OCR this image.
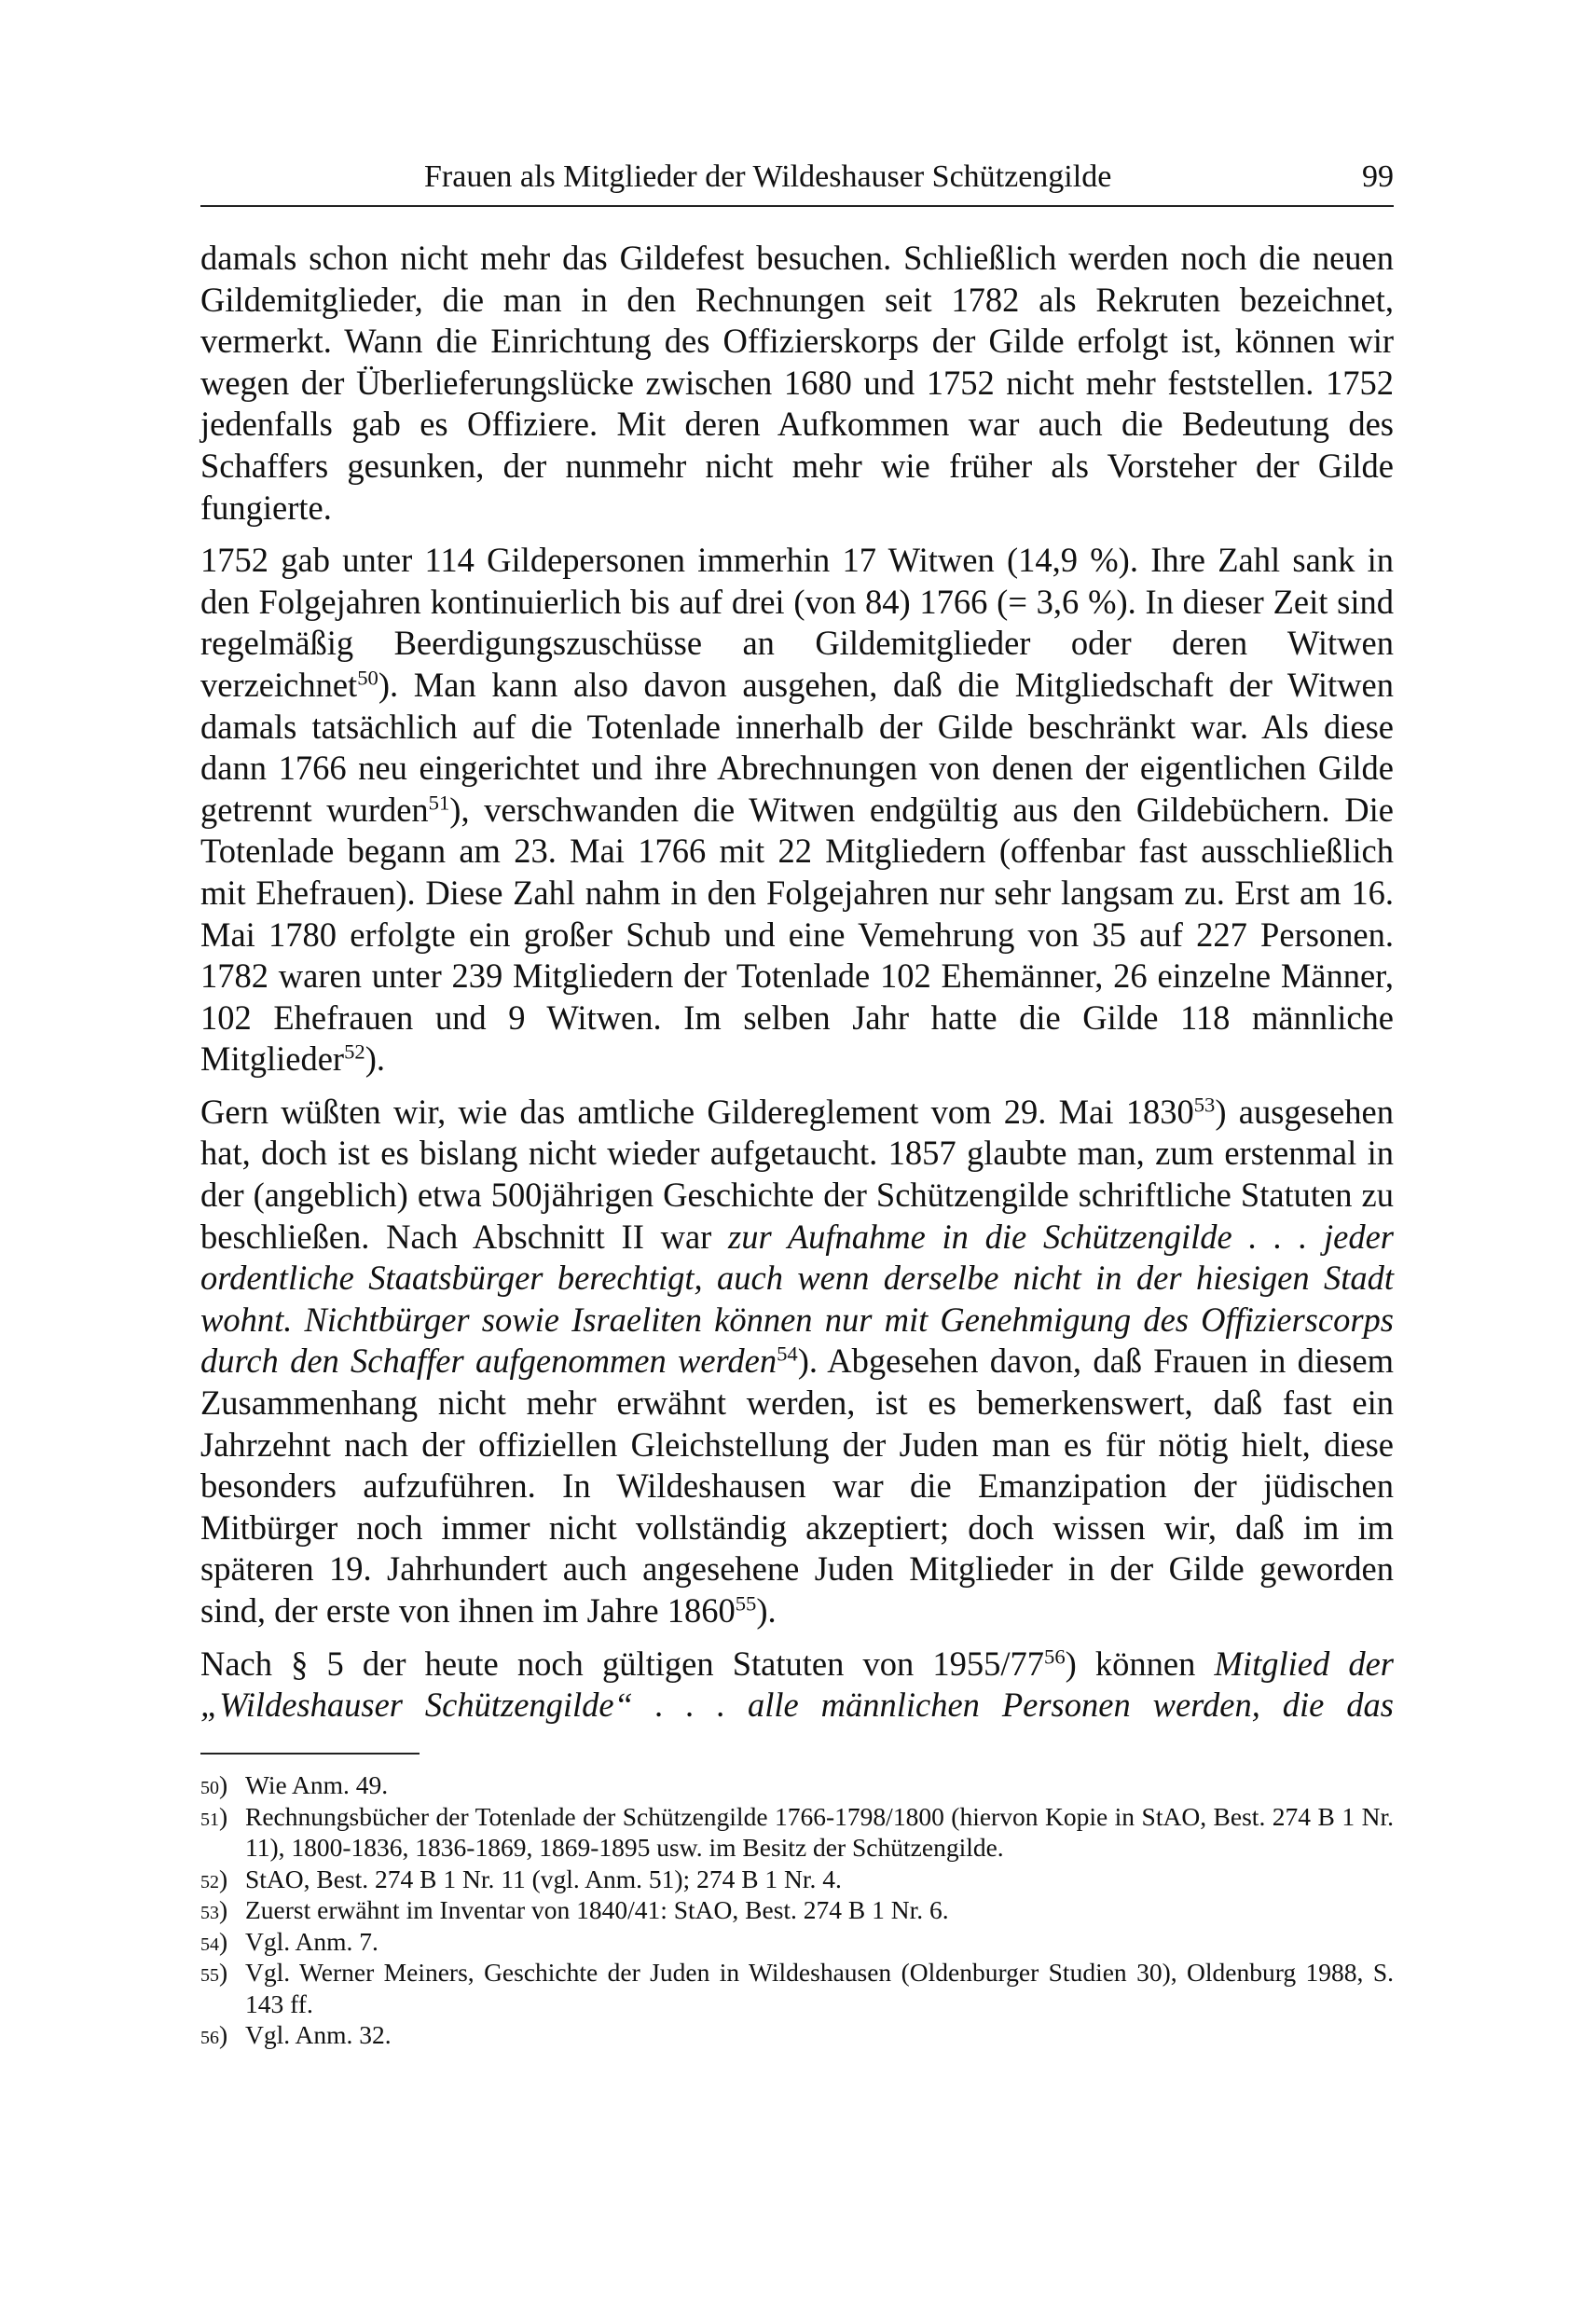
Frauen als Mitglieder der Wildeshauser Schützengilde	99

damals schon nicht mehr das Gildefest besuchen. Schließlich werden noch die neuen Gildemitglieder, die man in den Rechnungen seit 1782 als Rekruten bezeichnet, vermerkt. Wann die Einrichtung des Offizierskorps der Gilde erfolgt ist, können wir wegen der Überlieferungslücke zwischen 1680 und 1752 nicht mehr feststellen. 1752 jedenfalls gab es Offiziere. Mit deren Aufkommen war auch die Bedeutung des Schaffers gesunken, der nunmehr nicht mehr wie früher als Vorsteher der Gilde fungierte.

1752 gab unter 114 Gildepersonen immerhin 17 Witwen (14,9 %). Ihre Zahl sank in den Folgejahren kontinuierlich bis auf drei (von 84) 1766 (= 3,6 %). In dieser Zeit sind regelmäßig Beerdigungszuschüsse an Gildemitglieder oder deren Witwen verzeichnet$^{50}$). Man kann also davon ausgehen, daß die Mitgliedschaft der Witwen damals tatsächlich auf die Totenlade innerhalb der Gilde beschränkt war. Als diese dann 1766 neu eingerichtet und ihre Abrechnungen von denen der eigentlichen Gilde getrennt wurden$^{51}$), verschwanden die Witwen endgültig aus den Gildebüchern. Die Totenlade begann am 23. Mai 1766 mit 22 Mitgliedern (offenbar fast ausschließlich mit Ehefrauen). Diese Zahl nahm in den Folgejahren nur sehr langsam zu. Erst am 16. Mai 1780 erfolgte ein großer Schub und eine Vemehrung von 35 auf 227 Personen. 1782 waren unter 239 Mitgliedern der Totenlade 102 Ehemänner, 26 einzelne Männer, 102 Ehefrauen und 9 Witwen. Im selben Jahr hatte die Gilde 118 männliche Mitglieder$^{52}$).

Gern wüßten wir, wie das amtliche Gildereglement vom 29. Mai 1830$^{53}$) ausgesehen hat, doch ist es bislang nicht wieder aufgetaucht. 1857 glaubte man, zum erstenmal in der (angeblich) etwa 500jährigen Geschichte der Schützengilde schriftliche Statuten zu beschließen. Nach Abschnitt II war zur Aufnahme in die Schützengilde . . . jeder ordentliche Staatsbürger berechtigt, auch wenn derselbe nicht in der hiesigen Stadt wohnt. Nichtbürger sowie Israeliten können nur mit Genehmigung des Offizierscorps durch den Schaffer aufgenommen werden$^{54}$). Abgesehen davon, daß Frauen in diesem Zusammenhang nicht mehr erwähnt werden, ist es bemerkenswert, daß fast ein Jahrzehnt nach der offiziellen Gleichstellung der Juden man es für nötig hielt, diese besonders aufzuführen. In Wildeshausen war die Emanzipation der jüdischen Mitbürger noch immer nicht vollständig akzeptiert; doch wissen wir, daß im im späteren 19. Jahrhundert auch angesehene Juden Mitglieder in der Gilde geworden sind, der erste von ihnen im Jahre 1860$^{55}$).

Nach § 5 der heute noch gültigen Statuten von $1955/77^{56}$) können Mitglied der „Wildeshauser Schützengilde“ . . . alle männlichen Personen werden, die das

50) Wie Anm. 49.

51) Rechnungsbücher der Totenlade der Schützengilde 1766-1798/1800 (hiervon Kopie in StAO, Best. 274 B 1 Nr. 11), 1800-1836, 1836-1869, 1869-1895 usw. im Besitz der Schützengilde.

52) StAO, Best. 274 B 1 Nr. 11 (vgl. Anm. 51); 274 B 1 Nr. 4.

53) Zuerst erwähnt im Inventar von 1840/41: StAO, Best. 274 B 1 Nr. 6.

54) Vgl. Anm. 7.

55) Vgl. Werner Meiners, Geschichte der Juden in Wildeshausen (Oldenburger Studien 30), Oldenburg 1988, S. 143 ff.

56) Vgl. Anm. 32.
